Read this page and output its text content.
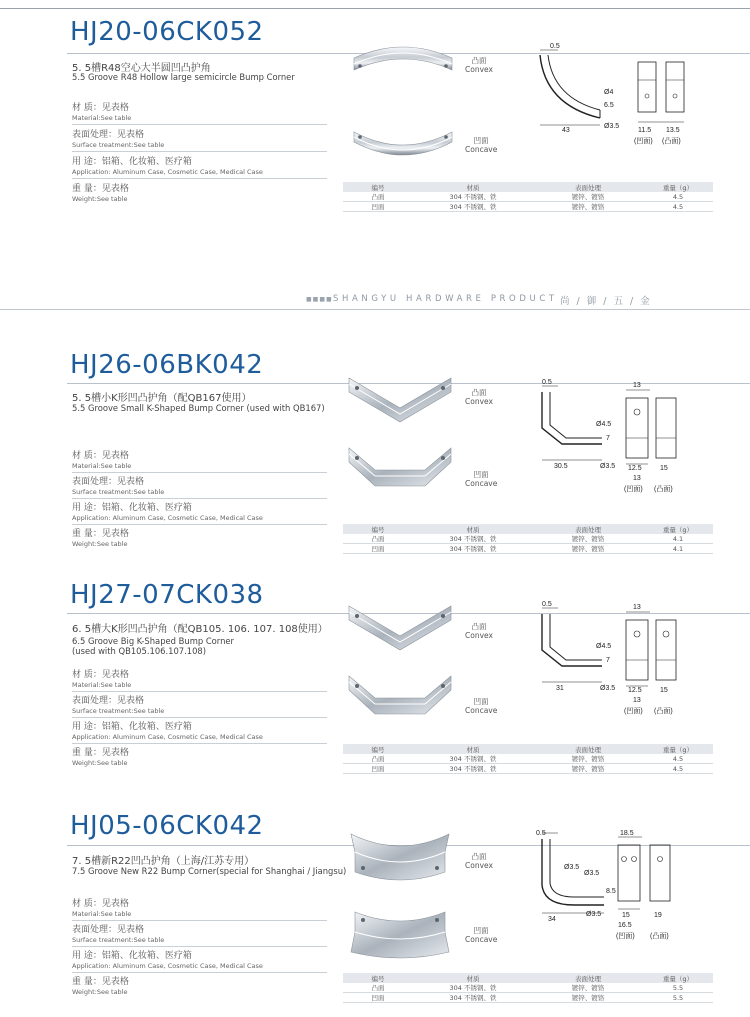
HJ20-06CK052
5. 5槽R48空心大半圆凹凸护角
5.5 Groove R48 Hollow large semicircle Bump Corner
材 质：见表格
Material:See table
表面处理：见表格
Surface treatment:See table
用 途：铝箱、化妆箱、医疗箱
Application: Aluminum Case, Cosmetic Case, Medical Case
重 量：见表格
Weight:See table
凸面
Convex
凹面
Concave
0.5
Ø4
6.5
Ø3.5
43	11.5 13.5
(凹面) (凸面)
编号	材质	表面处理	重量（g）
凸面	304 不锈钢、铁	镀锌、镀铬	4.5
凹面	304 不锈钢、铁	镀锌、镀铬	4.5
■■■■ SHANGYU HARDWARE PRODUCT 尚 / 御 / 五 / 金
HJ26-06BK042
5. 5槽小K形凹凸护角（配QB167使用）
5.5 Groove Small K-Shaped Bump Corner (used with QB167)
材 质：见表格
Material:See table
表面处理：见表格
Surface treatment:See table
用 途：铝箱、化妆箱、医疗箱
Application: Aluminum Case, Cosmetic Case, Medical Case
重 量：见表格
Weight:See table
凸面
Convex
凹面
Concave
0.5
Ø4.5
7
Ø3.5
30.5
13
12.5	15
13
(凹面) (凸面)
编号	材质	表面处理	重量（g）
凸面	304 不锈钢、铁	镀锌、镀铬	4.1
凹面	304 不锈钢、铁	镀锌、镀铬	4.1
HJ27-07CK038
6. 5槽大K形凹凸护角（配QB105. 106. 107. 108使用）
6.5 Groove Big K-Shaped Bump Corner
(used with QB105.106.107.108)
材 质：见表格
Material:See table
表面处理：见表格
Surface treatment:See table
用 途：铝箱、化妆箱、医疗箱
Application: Aluminum Case, Cosmetic Case, Medical Case
重 量：见表格
Weight:See table
凸面
Convex
凹面
Concave
0.5
Ø4.5
7
Ø3.5
31
13
12.5	15
13
(凹面) (凸面)
编号	材质	表面处理	重量（g）
凸面	304 不锈钢、铁	镀锌、镀铬	4.5
凹面	304 不锈钢、铁	镀锌、镀铬	4.5
HJ05-06CK042
7. 5槽新R22凹凸护角（上海/江苏专用）
7.5 Groove New R22 Bump Corner(special for Shanghai / Jiangsu)
材 质：见表格
Material:See table
表面处理：见表格
Surface treatment:See table
用 途：铝箱、化妆箱、医疗箱
Application: Aluminum Case, Cosmetic Case, Medical Case
重 量：见表格
Weight:See table
凸面
Convex
凹面
Concave
0.5
Ø3.5
Ø3.5
8.5
Ø3.5
34
18.5
15
16.5
19
(凹面) (凸面)
编号	材质	表面处理	重量（g）
凸面	304 不锈钢、铁	镀锌、镀铬	5.5
凹面	304 不锈钢、铁	镀锌、镀铬	5.5
